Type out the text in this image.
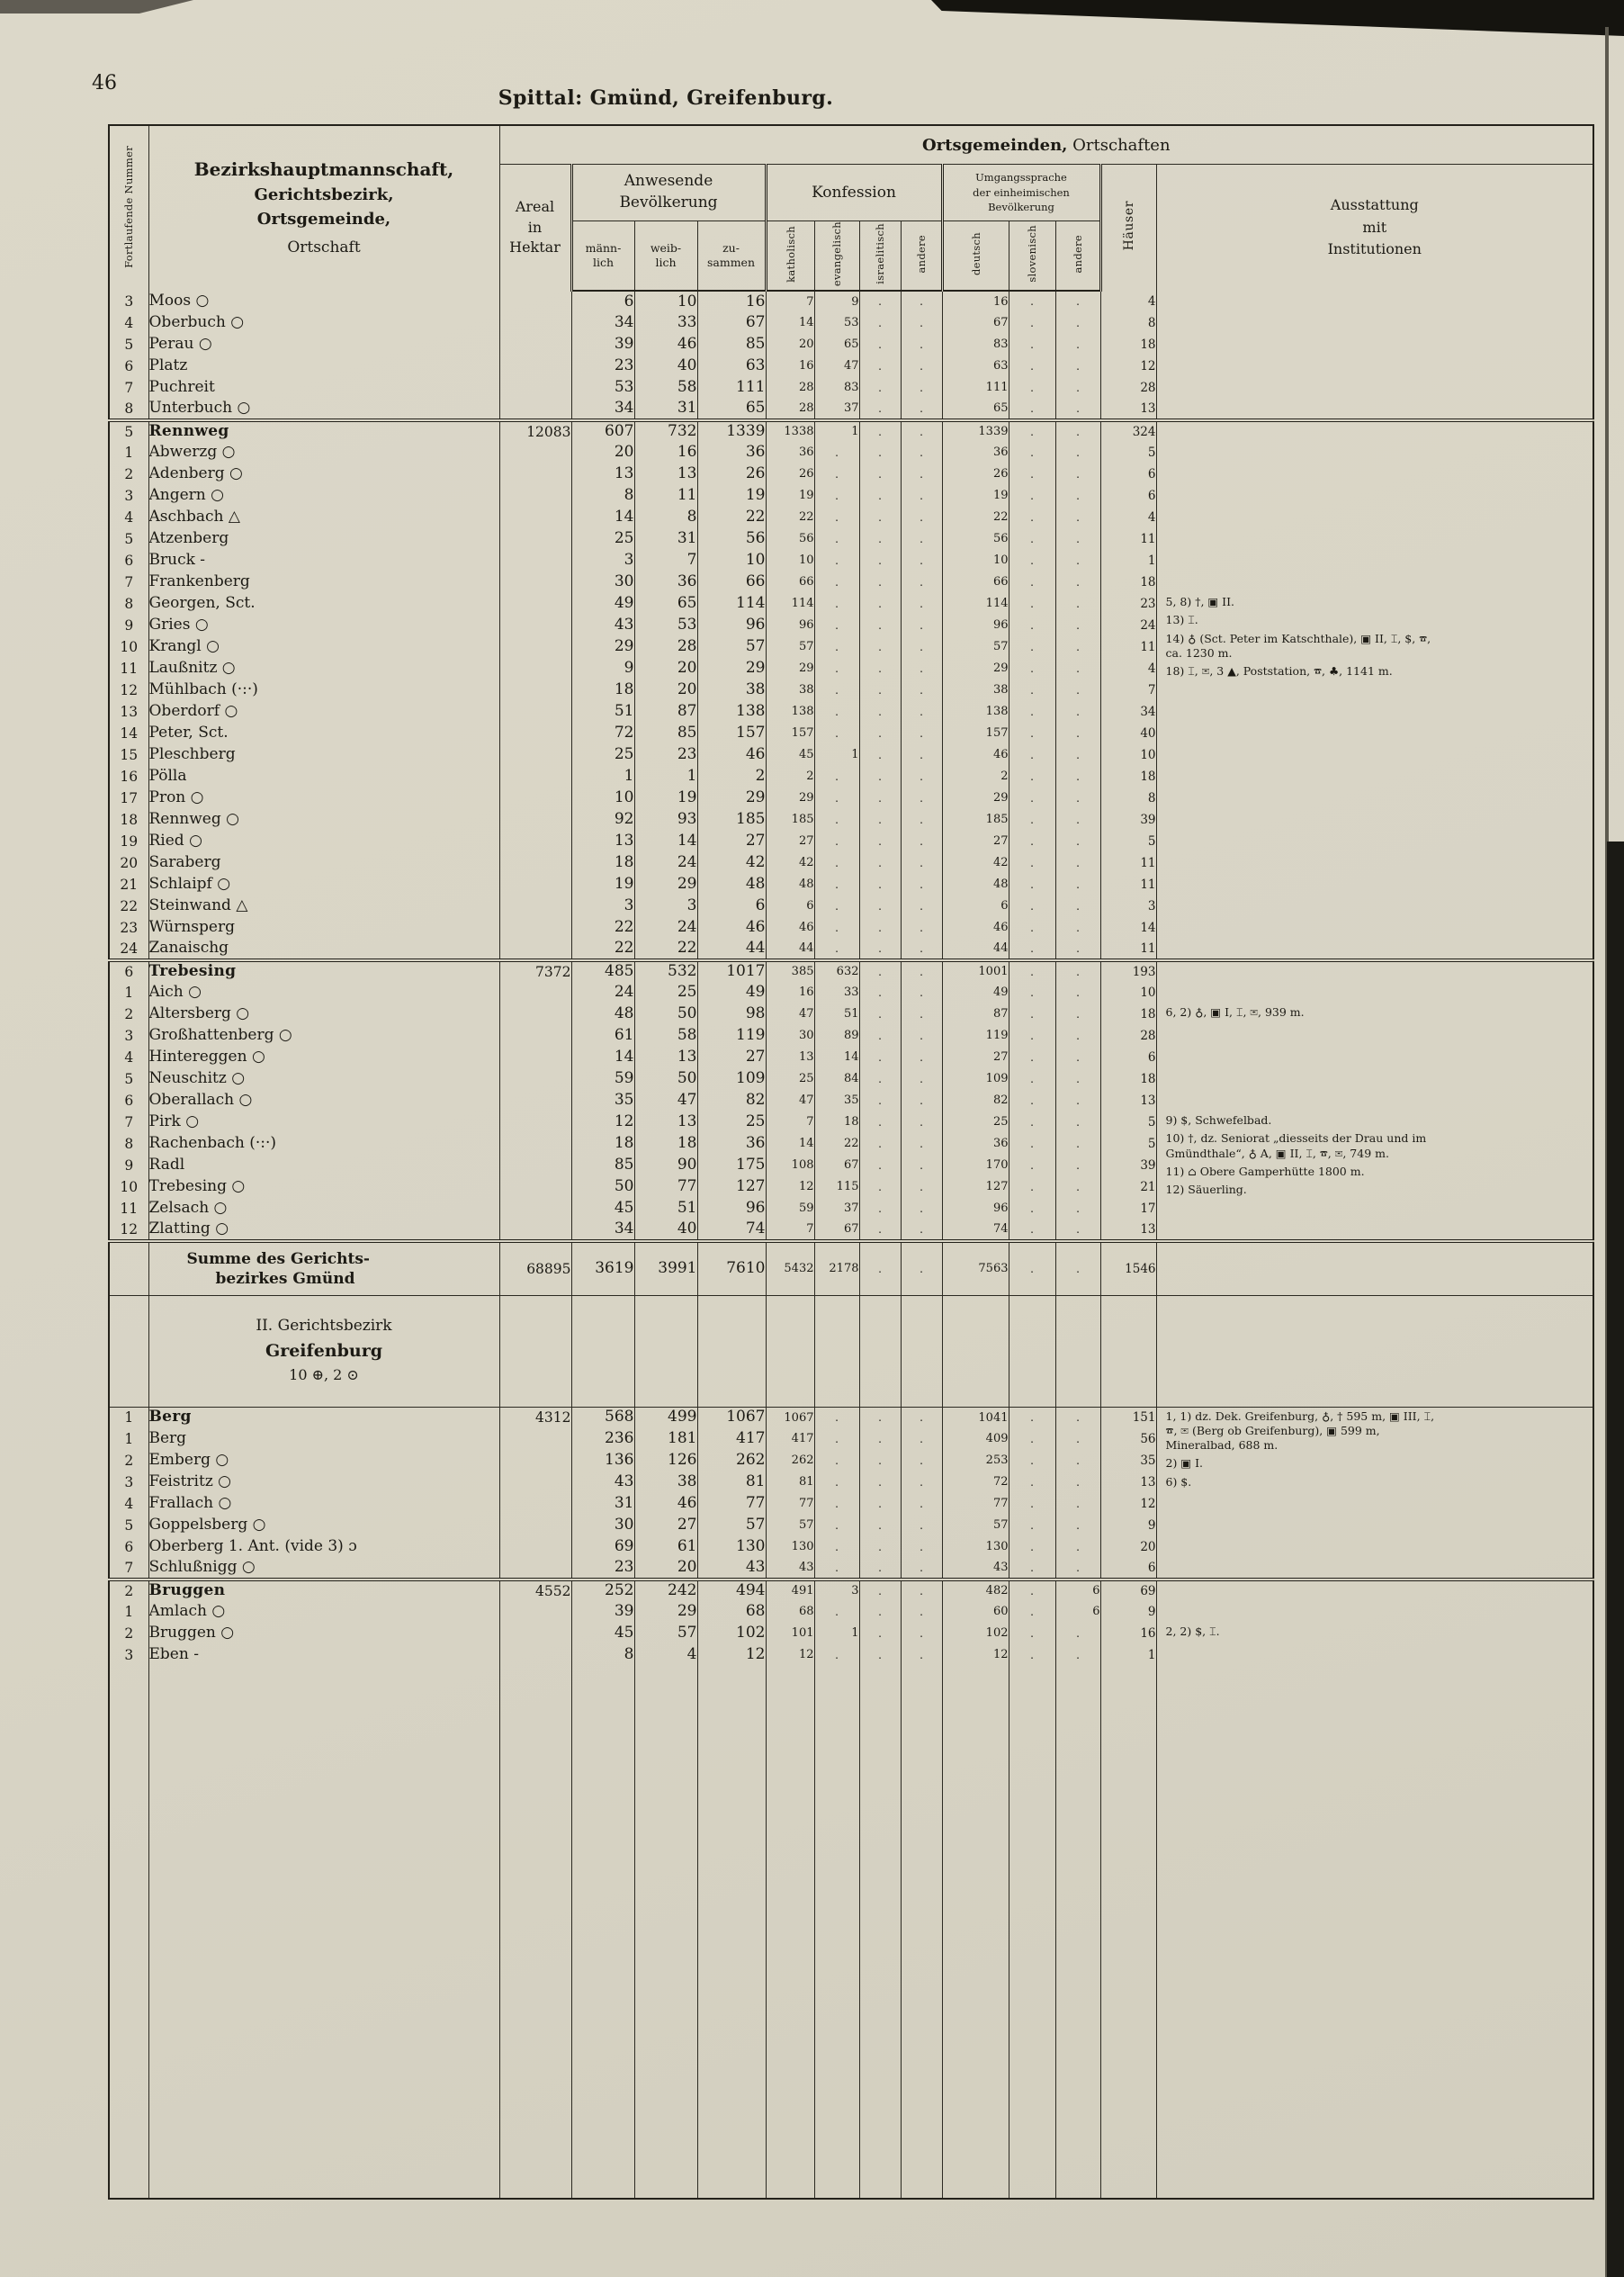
46
Spittal: Gmünd, Greifenburg.
Fortlaufende Nummer	Bezirkshauptmannschaft,
Gerichtsbezirk,
Ortsgemeinde,
Ortschaft	Ortsgemeinden, Ortschaften												

Areal
in
Hektar

Anwesende
Bevölkerung
	Konfession	
Umgangssprache
der einheimischen
Bevölkerung	Häuser	Ausstattung
mit
Institutionen

			männ-
lich	weib-
lich	zu-
sammen	katholisch	evangelisch	israelitisch	andere	deutsch	slovenisch	andere		
3	Moos ○		6	10	16	7	9	.	.	16	.	.	4	
4	Oberbuch ○		34	33	67	14	53	.	.	67	.	.	8	
5	Perau ○		39	46	85	20	65	.	.	83	.	.	18	
6	Platz		23	40	63	16	47	.	.	63	.	.	12	
7	Puchreit		53	58	111	28	83	.	.	111	.	.	28	
8	Unterbuch ○		34	31	65	28	37	.	.	65	.	.	13	
5	Rennweg	12083	607	732	1339	1338	1	.	.	1339	.	.	324	
1	Abwerzg ○		20	16	36	36	.	.	.	36	.	.	5	
2	Adenberg ○		13	13	26	26	.	.	.	26	.	.	6	
3	Angern ○		8	11	19	19	.	.	.	19	.	.	6	
4	Aschbach △		14	8	22	22	.	.	.	22	.	.	4	
5	Atzenberg		25	31	56	56	.	.	.	56	.	.	11	
6	Bruck -		3	7	10	10	.	.	.	10	.	.	1	
7	Frankenberg		30	36	66	66	.	.	.	66	.	.	18	
8	Georgen, Sct.		49	65	114	114	.	.	.	114	.	.	23	5, 8) †, ▣ II.
13) ⌶.
14) ♁ (Sct. Peter im Katschthale), ▣ II, ⌶, $, ☎, ca. 1230 m.
18) ⌶, ✉, 3 ▲, Poststation, ☎, ♣, 1141 m.

9	Gries ○		43	53	96	96	.	.	.	96	.	.	24	
10	Krangl ○		29	28	57	57	.	.	.	57	.	.	11	
11	Laußnitz ○		9	20	29	29	.	.	.	29	.	.	4	
12	Mühlbach (·:·)		18	20	38	38	.	.	.	38	.	.	7	
13	Oberdorf ○		51	87	138	138	.	.	.	138	.	.	34	
14	Peter, Sct.		72	85	157	157	.	.	.	157	.	.	40	
15	Pleschberg		25	23	46	45	1	.	.	46	.	.	10	
16	Pölla		1	1	2	2	.	.	.	2	.	.	18	
17	Pron ○		10	19	29	29	.	.	.	29	.	.	8	
18	Rennweg ○		92	93	185	185	.	.	.	185	.	.	39	
19	Ried ○		13	14	27	27	.	.	.	27	.	.	5	
20	Saraberg		18	24	42	42	.	.	.	42	.	.	11	
21	Schlaipf ○		19	29	48	48	.	.	.	48	.	.	11	
22	Steinwand △		3	3	6	6	.	.	.	6	.	.	3	
23	Würnsperg		22	24	46	46	.	.	.	46	.	.	14	
24	Zanaischg		22	22	44	44	.	.	.	44	.	.	11	
6	Trebesing	7372	485	532	1017	385	632	.	.	1001	.	.	193	
1	Aich ○		24	25	49	16	33	.	.	49	.	.	10	
2	Altersberg ○		48	50	98	47	51	.	.	87	.	.	18	6, 2) ♁, ▣ I, ⌶, ✉, 939 m.

3	Großhattenberg ○		61	58	119	30	89	.	.	119	.	.	28	
4	Hintereggen ○		14	13	27	13	14	.	.	27	.	.	6	
5	Neuschitz ○		59	50	109	25	84	.	.	109	.	.	18	
6	Oberallach ○		35	47	82	47	35	.	.	82	.	.	13	
7	Pirk ○		12	13	25	7	18	.	.	25	.	.	5	9) $, Schwefelbad.
10) †, dz. Seniorat „diesseits der Drau und im Gmündthale“, ♁ A, ▣ II, ⌶, ☎, ✉, 749 m.
11) ⌂ Obere Gamperhütte 1800 m.
12) Säuerling.

8	Rachenbach (·:·)		18	18	36	14	22	.	.	36	.	.	5	
9	Radl		85	90	175	108	67	.	.	170	.	.	39	
10	Trebesing ○		50	77	127	12	115	.	.	127	.	.	21	
11	Zelsach ○		45	51	96	59	37	.	.	96	.	.	17	
12	Zlatting ○		34	40	74	7	67	.	.	74	.	.	13	

	Summe des Gerichts-
bezirkes Gmünd	68895	3619	3991	7610	5432	2178	.	.	7563	.	.	1546	

	II. Gerichtsbezirk
Greifenburg
10 ⊕, 2 ⊙													

1	Berg	4312	568	499	1067	1067	.	.	.	1041	.	.	151	1, 1) dz. Dek. Greifenburg, ♁, † 595 m, ▣ III, ⌶, ☎, ✉ (Berg ob Greifenburg), ▣ 599 m, Mineralbad, 688 m.
2) ▣ I.
6) $.

1	Berg		236	181	417	417	.	.	.	409	.	.	56	
2	Emberg ○		136	126	262	262	.	.	.	253	.	.	35	
3	Feistritz ○		43	38	81	81	.	.	.	72	.	.	13	
4	Frallach ○		31	46	77	77	.	.	.	77	.	.	12	
5	Goppelsberg ○		30	27	57	57	.	.	.	57	.	.	9	
6	Oberberg 1. Ant. (vide 3) ɔ		69	61	130	130	.	.	.	130	.	.	20	
7	Schlußnigg ○		23	20	43	43	.	.	.	43	.	.	6	
2	Bruggen	4552	252	242	494	491	3	.	.	482	.	6	69	
1	Amlach ○		39	29	68	68	.	.	.	60	.	6	9	
2	Bruggen ○		45	57	102	101	1	.	.	102	.	.	16	2, 2) $, ⌶.

3	Eben -		8	4	12	12	.	.	.	12	.	.	1	
